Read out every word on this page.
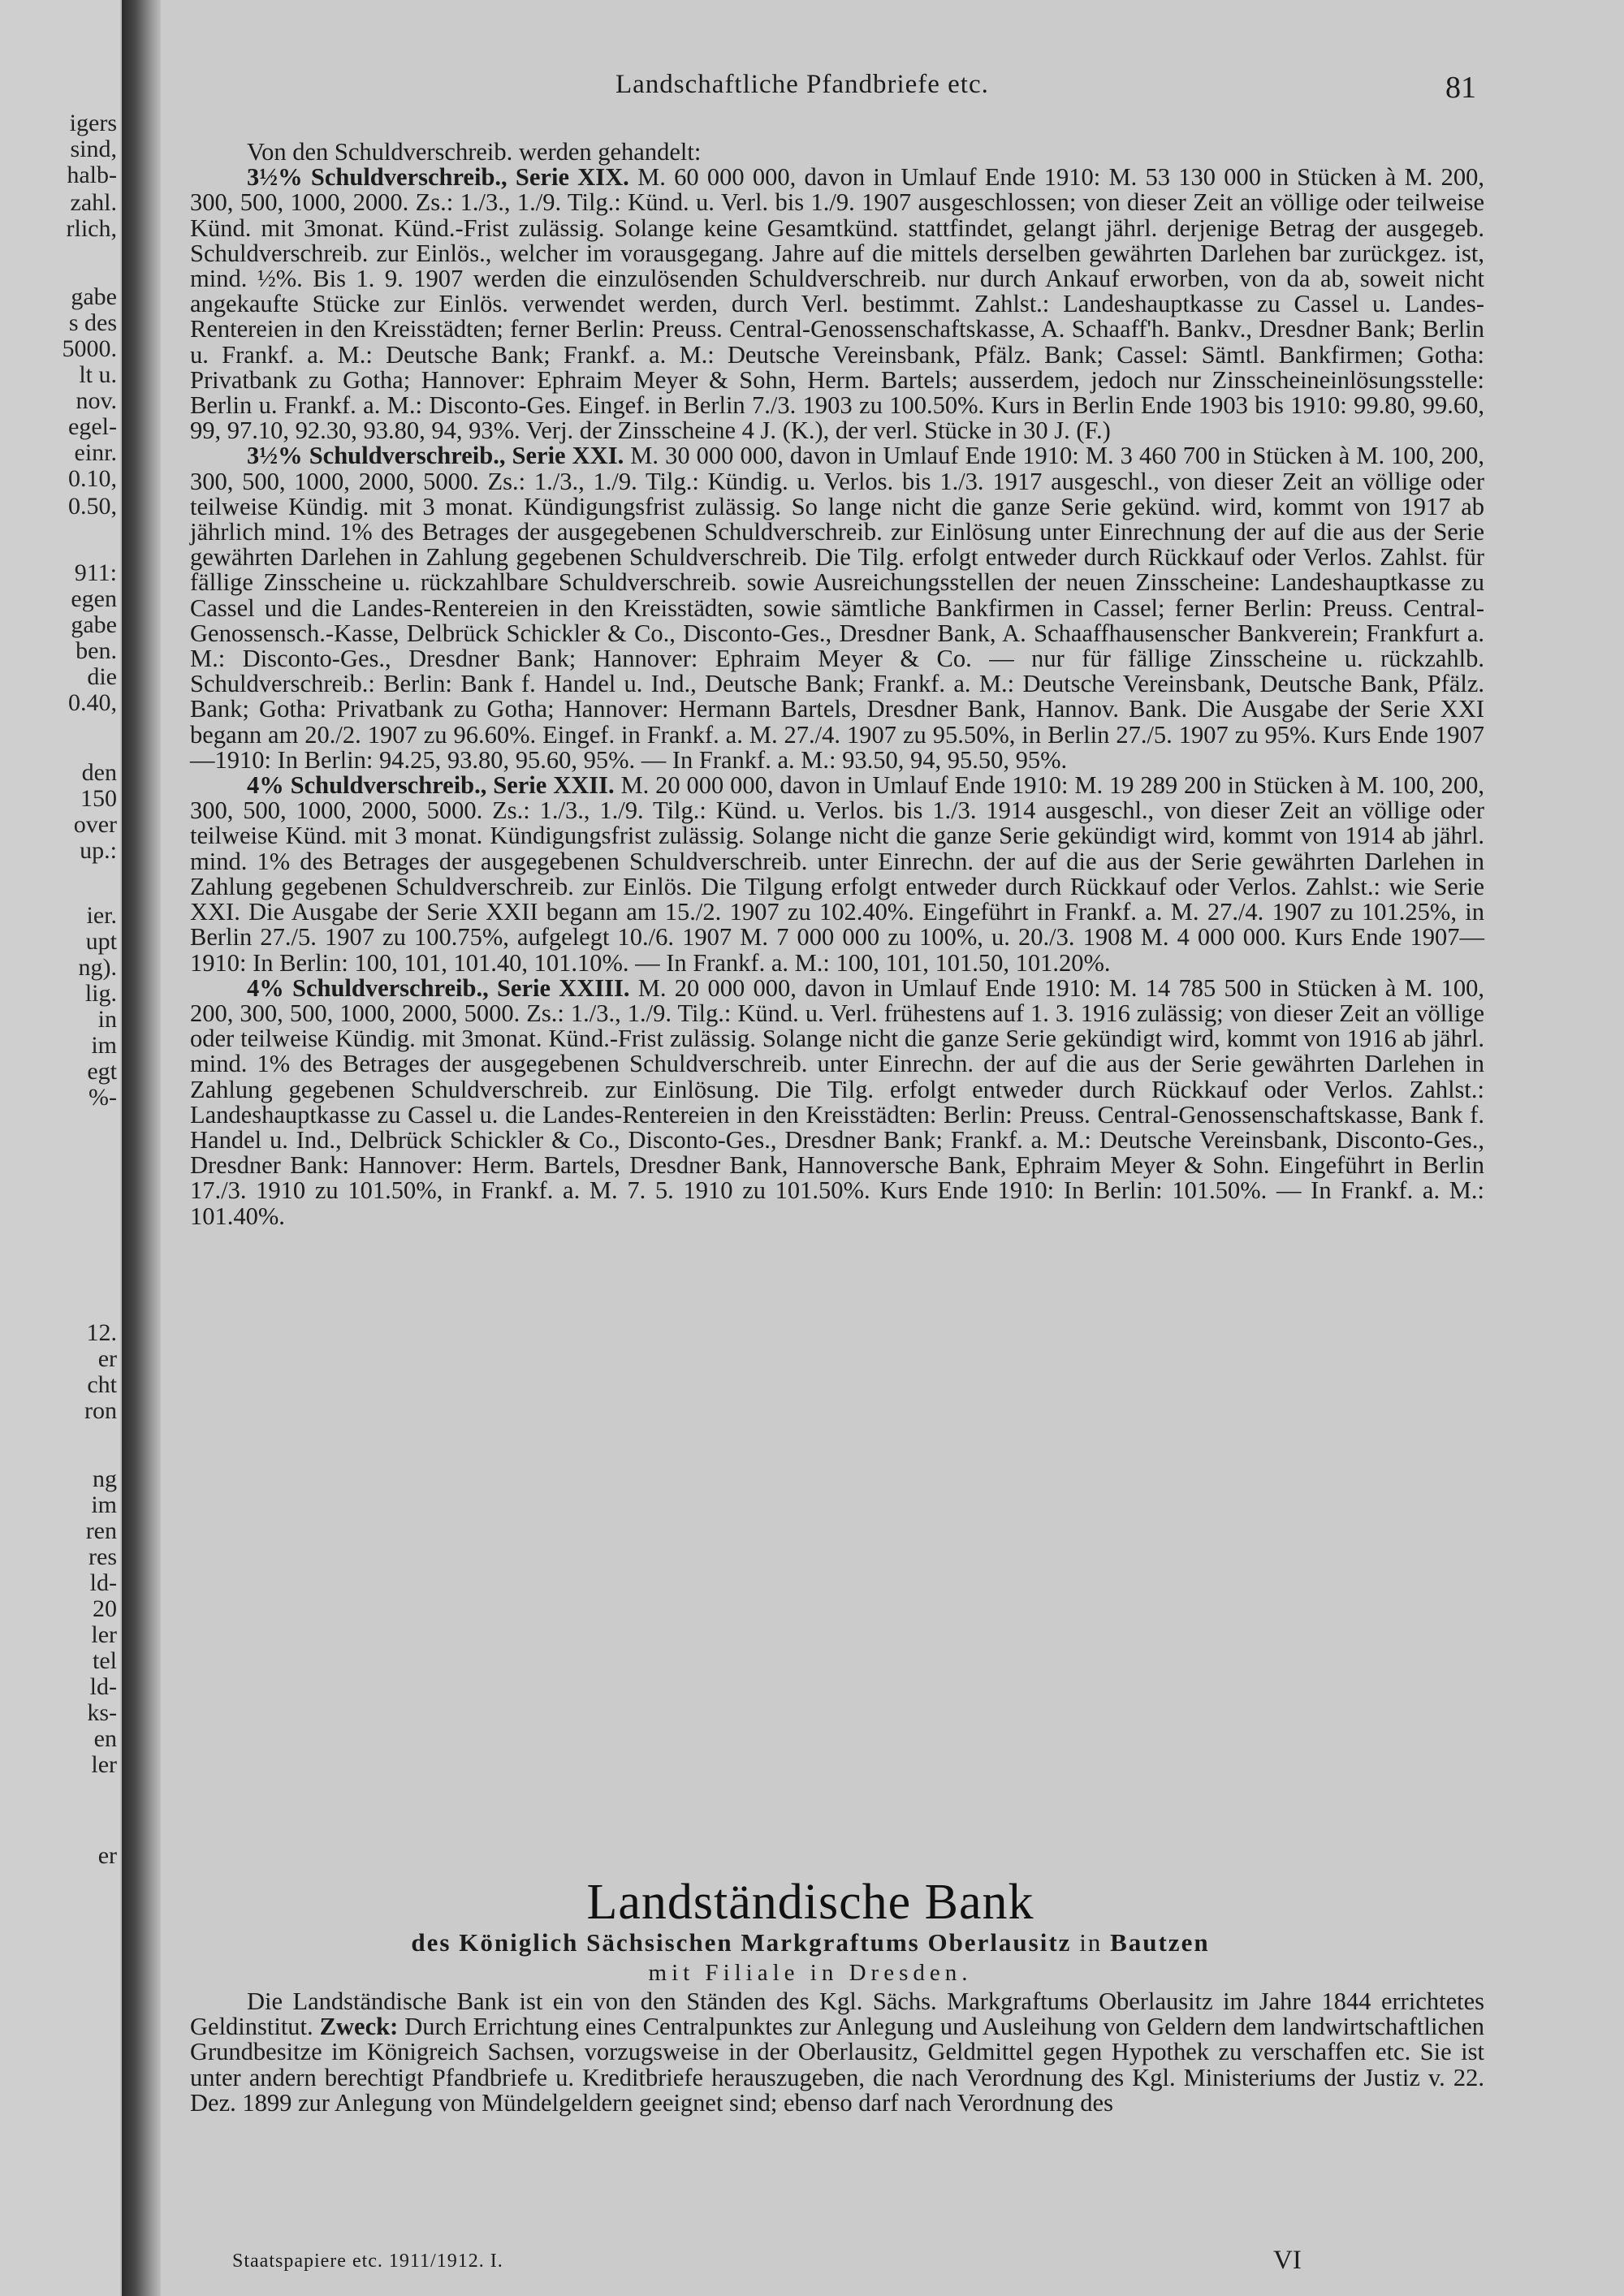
igers
sind,
halb-
zahl.
rlich,
gabe
s des
5000.
lt u.
nov.
egel-
einr.
0.10,
0.50,
911:
egen
gabe
ben.
die
0.40,
den
150
over
up.:
ier.
upt
ng).
lig.
in
im
egt
%-
12.
er
cht
ron
ng
im
ren
res
ld-
20
ler
tel
ld-
ks-
en
ler
er
Landschaftliche Pfandbriefe etc.	81

Von den Schuldverschreib. werden gehandelt:

3½% Schuldverschreib., Serie XIX. M. 60 000 000, davon in Umlauf Ende 1910: M. 53 130 000 in Stücken à M. 200, 300, 500, 1000, 2000. Zs.: 1./3., 1./9. Tilg.: Künd. u. Verl. bis 1./9. 1907 ausgeschlossen; von dieser Zeit an völlige oder teilweise Künd. mit 3monat. Künd.-Frist zulässig. Solange keine Gesamtkünd. stattfindet, gelangt jährl. derjenige Betrag der ausgegeb. Schuldverschreib. zur Einlös., welcher im vorausgegang. Jahre auf die mittels derselben gewährten Darlehen bar zurückgez. ist, mind. ½%. Bis 1. 9. 1907 werden die einzulösenden Schuldverschreib. nur durch Ankauf erworben, von da ab, soweit nicht angekaufte Stücke zur Einlös. verwendet werden, durch Verl. bestimmt. Zahlst.: Landeshauptkasse zu Cassel u. Landes-Rentereien in den Kreisstädten; ferner Berlin: Preuss. Central-Genossenschaftskasse, A. Schaaff'h. Bankv., Dresdner Bank; Berlin u. Frankf. a. M.: Deutsche Bank; Frankf. a. M.: Deutsche Vereinsbank, Pfälz. Bank; Cassel: Sämtl. Bankfirmen; Gotha: Privatbank zu Gotha; Hannover: Ephraim Meyer & Sohn, Herm. Bartels; ausserdem, jedoch nur Zinsscheineinlösungsstelle: Berlin u. Frankf. a. M.: Disconto-Ges. Eingef. in Berlin 7./3. 1903 zu 100.50%. Kurs in Berlin Ende 1903 bis 1910: 99.80, 99.60, 99, 97.10, 92.30, 93.80, 94, 93%. Verj. der Zinsscheine 4 J. (K.), der verl. Stücke in 30 J. (F.)

3½% Schuldverschreib., Serie XXI. M. 30 000 000, davon in Umlauf Ende 1910: M. 3 460 700 in Stücken à M. 100, 200, 300, 500, 1000, 2000, 5000. Zs.: 1./3., 1./9. Tilg.: Kündig. u. Verlos. bis 1./3. 1917 ausgeschl., von dieser Zeit an völlige oder teilweise Kündig. mit 3 monat. Kündigungsfrist zulässig. So lange nicht die ganze Serie gekünd. wird, kommt von 1917 ab jährlich mind. 1% des Betrages der ausgegebenen Schuldverschreib. zur Einlösung unter Einrechnung der auf die aus der Serie gewährten Darlehen in Zahlung gegebenen Schuldverschreib. Die Tilg. erfolgt entweder durch Rückkauf oder Verlos. Zahlst. für fällige Zinsscheine u. rückzahlbare Schuldverschreib. sowie Ausreichungsstellen der neuen Zinsscheine: Landeshauptkasse zu Cassel und die Landes-Rentereien in den Kreisstädten, sowie sämtliche Bankfirmen in Cassel; ferner Berlin: Preuss. Central-Genossensch.-Kasse, Delbrück Schickler & Co., Disconto-Ges., Dresdner Bank, A. Schaaffhausenscher Bankverein; Frankfurt a. M.: Disconto-Ges., Dresdner Bank; Hannover: Ephraim Meyer & Co. — nur für fällige Zinsscheine u. rückzahlb. Schuldverschreib.: Berlin: Bank f. Handel u. Ind., Deutsche Bank; Frankf. a. M.: Deutsche Vereinsbank, Deutsche Bank, Pfälz. Bank; Gotha: Privatbank zu Gotha; Hannover: Hermann Bartels, Dresdner Bank, Hannov. Bank. Die Ausgabe der Serie XXI begann am 20./2. 1907 zu 96.60%. Eingef. in Frankf. a. M. 27./4. 1907 zu 95.50%, in Berlin 27./5. 1907 zu 95%. Kurs Ende 1907—1910: In Berlin: 94.25, 93.80, 95.60, 95%. — In Frankf. a. M.: 93.50, 94, 95.50, 95%.

4% Schuldverschreib., Serie XXII. M. 20 000 000, davon in Umlauf Ende 1910: M. 19 289 200 in Stücken à M. 100, 200, 300, 500, 1000, 2000, 5000. Zs.: 1./3., 1./9. Tilg.: Künd. u. Verlos. bis 1./3. 1914 ausgeschl., von dieser Zeit an völlige oder teilweise Künd. mit 3 monat. Kündigungsfrist zulässig. Solange nicht die ganze Serie gekündigt wird, kommt von 1914 ab jährl. mind. 1% des Betrages der ausgegebenen Schuldverschreib. unter Einrechn. der auf die aus der Serie gewährten Darlehen in Zahlung gegebenen Schuldverschreib. zur Einlös. Die Tilgung erfolgt entweder durch Rückkauf oder Verlos. Zahlst.: wie Serie XXI. Die Ausgabe der Serie XXII begann am 15./2. 1907 zu 102.40%. Eingeführt in Frankf. a. M. 27./4. 1907 zu 101.25%, in Berlin 27./5. 1907 zu 100.75%, aufgelegt 10./6. 1907 M. 7 000 000 zu 100%, u. 20./3. 1908 M. 4 000 000. Kurs Ende 1907—1910: In Berlin: 100, 101, 101.40, 101.10%. — In Frankf. a. M.: 100, 101, 101.50, 101.20%.

4% Schuldverschreib., Serie XXIII. M. 20 000 000, davon in Umlauf Ende 1910: M. 14 785 500 in Stücken à M. 100, 200, 300, 500, 1000, 2000, 5000. Zs.: 1./3., 1./9. Tilg.: Künd. u. Verl. frühestens auf 1. 3. 1916 zulässig; von dieser Zeit an völlige oder teilweise Kündig. mit 3monat. Künd.-Frist zulässig. Solange nicht die ganze Serie gekündigt wird, kommt von 1916 ab jährl. mind. 1% des Betrages der ausgegebenen Schuldverschreib. unter Einrechn. der auf die aus der Serie gewährten Darlehen in Zahlung gegebenen Schuldverschreib. zur Einlösung. Die Tilg. erfolgt entweder durch Rückkauf oder Verlos. Zahlst.: Landeshauptkasse zu Cassel u. die Landes-Rentereien in den Kreisstädten: Berlin: Preuss. Central-Genossenschaftskasse, Bank f. Handel u. Ind., Delbrück Schickler & Co., Disconto-Ges., Dresdner Bank; Frankf. a. M.: Deutsche Vereinsbank, Disconto-Ges., Dresdner Bank: Hannover: Herm. Bartels, Dresdner Bank, Hannoversche Bank, Ephraim Meyer & Sohn. Eingeführt in Berlin 17./3. 1910 zu 101.50%, in Frankf. a. M. 7. 5. 1910 zu 101.50%. Kurs Ende 1910: In Berlin: 101.50%. — In Frankf. a. M.: 101.40%.

Landständische Bank
des Königlich Sächsischen Markgraftums Oberlausitz in Bautzen
mit Filiale in Dresden.

Die Landständische Bank ist ein von den Ständen des Kgl. Sächs. Markgraftums Oberlausitz im Jahre 1844 errichtetes Geldinstitut. Zweck: Durch Errichtung eines Centralpunktes zur Anlegung und Ausleihung von Geldern dem landwirtschaftlichen Grundbesitze im Königreich Sachsen, vorzugsweise in der Oberlausitz, Geldmittel gegen Hypothek zu verschaffen etc. Sie ist unter andern berechtigt Pfandbriefe u. Kreditbriefe herauszugeben, die nach Verordnung des Kgl. Ministeriums der Justiz v. 22. Dez. 1899 zur Anlegung von Mündelgeldern geeignet sind; ebenso darf nach Verordnung des

Staatspapiere etc. 1911/1912. I.	VI
